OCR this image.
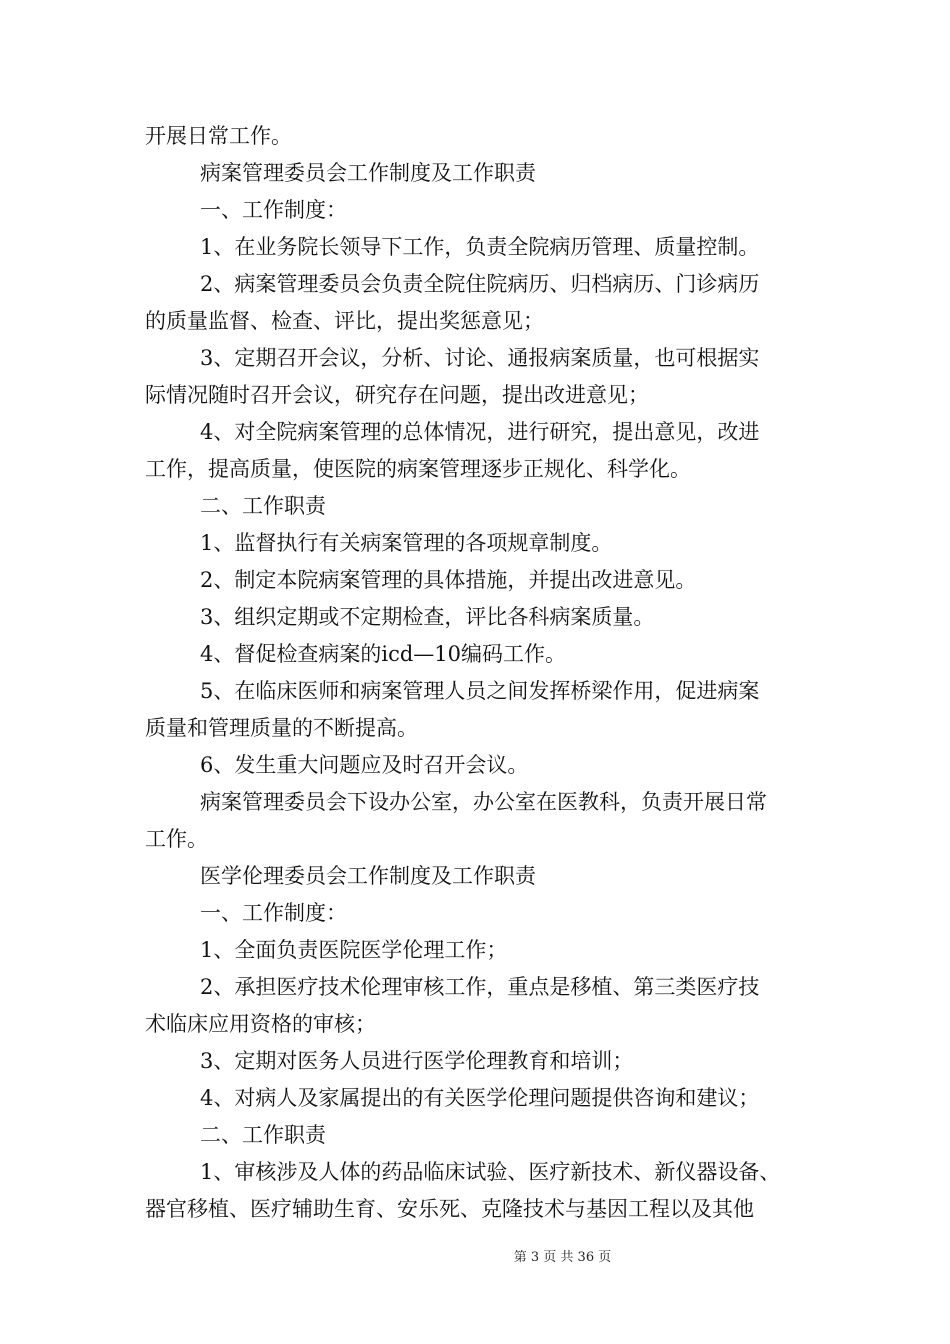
开展日常工作。
病案管理委员会工作制度及工作职责
一、工作制度：
1、在业务院长领导下工作，负责全院病历管理、质量控制。
2、病案管理委员会负责全院住院病历、归档病历、门诊病历
的质量监督、检查、评比，提出奖惩意见；
3、定期召开会议，分析、讨论、通报病案质量，也可根据实
际情况随时召开会议，研究存在问题，提出改进意见；
4、对全院病案管理的总体情况，进行研究，提出意见，改进
工作，提高质量，使医院的病案管理逐步正规化、科学化。
二、工作职责
1、监督执行有关病案管理的各项规章制度。
2、制定本院病案管理的具体措施，并提出改进意见。
3、组织定期或不定期检查，评比各科病案质量。
4、督促检查病案的icd—10编码工作。
5、在临床医师和病案管理人员之间发挥桥梁作用，促进病案
质量和管理质量的不断提高。
6、发生重大问题应及时召开会议。
病案管理委员会下设办公室，办公室在医教科，负责开展日常
工作。
医学伦理委员会工作制度及工作职责
一、工作制度：
1、全面负责医院医学伦理工作；
2、承担医疗技术伦理审核工作，重点是移植、第三类医疗技
术临床应用资格的审核；
3、定期对医务人员进行医学伦理教育和培训；
4、对病人及家属提出的有关医学伦理问题提供咨询和建议；
二、工作职责
1、审核涉及人体的药品临床试验、医疗新技术、新仪器设备、
器官移植、医疗辅助生育、安乐死、克隆技术与基因工程以及其他
第 3 页 共 36 页
